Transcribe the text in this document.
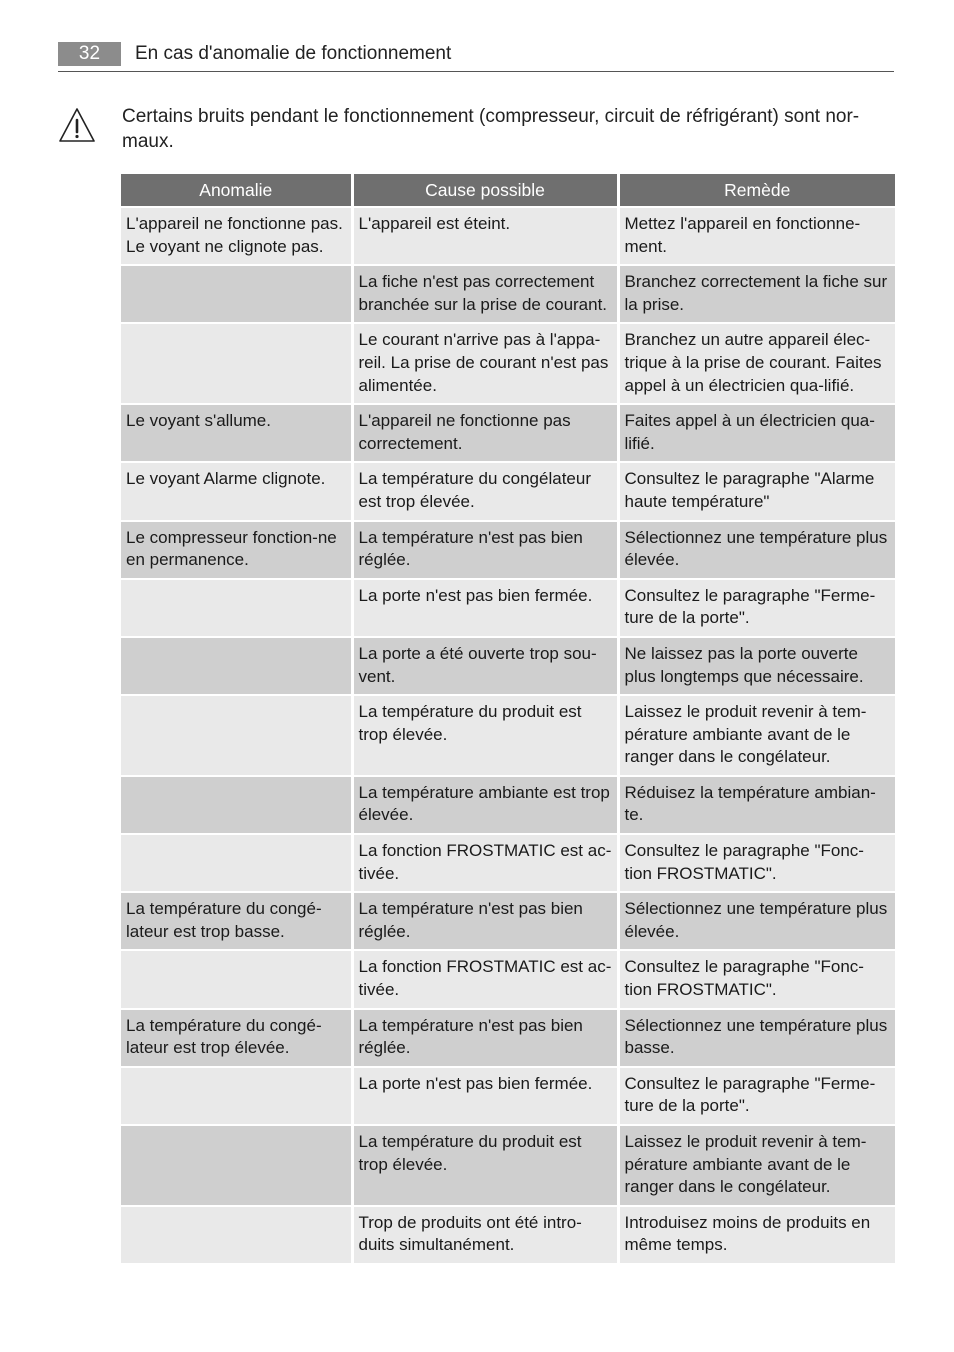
32	En cas d'anomalie de fonctionnement
Certains bruits pendant le fonctionnement (compresseur, circuit de réfrigérant) sont nor-maux.
Anomalie	Cause possible	Remède
L'appareil ne fonctionne pas. Le voyant ne clignote pas.	L'appareil est éteint.	Mettez l'appareil en fonctionne-ment.
	La fiche n'est pas correctement branchée sur la prise de courant.	Branchez correctement la fiche sur la prise.
	Le courant n'arrive pas à l'appa-reil. La prise de courant n'est pas alimentée.	Branchez un autre appareil élec-trique à la prise de courant. Faites appel à un électricien qua-lifié.
Le voyant s'allume.	L'appareil ne fonctionne pas correctement.	Faites appel à un électricien qua-lifié.
Le voyant Alarme clignote.	La température du congélateur est trop élevée.	Consultez le paragraphe "Alarme haute température"
Le compresseur fonction-ne en permanence.	La température n'est pas bien réglée.	Sélectionnez une température plus élevée.
	La porte n'est pas bien fermée.	Consultez le paragraphe "Ferme-ture de la porte".
	La porte a été ouverte trop sou-vent.	Ne laissez pas la porte ouverte plus longtemps que nécessaire.
	La température du produit est trop élevée.	Laissez le produit revenir à tem-pérature ambiante avant de le ranger dans le congélateur.
	La température ambiante est trop élevée.	Réduisez la température ambian-te.
	La fonction FROSTMATIC est ac-tivée.	Consultez le paragraphe "Fonc-tion FROSTMATIC".
La température du congé-lateur est trop basse.	La température n'est pas bien réglée.	Sélectionnez une température plus élevée.
	La fonction FROSTMATIC est ac-tivée.	Consultez le paragraphe "Fonc-tion FROSTMATIC".
La température du congé-lateur est trop élevée.	La température n'est pas bien réglée.	Sélectionnez une température plus basse.
	La porte n'est pas bien fermée.	Consultez le paragraphe "Ferme-ture de la porte".
	La température du produit est trop élevée.	Laissez le produit revenir à tem-pérature ambiante avant de le ranger dans le congélateur.
	Trop de produits ont été intro-duits simultanément.	Introduisez moins de produits en même temps.
